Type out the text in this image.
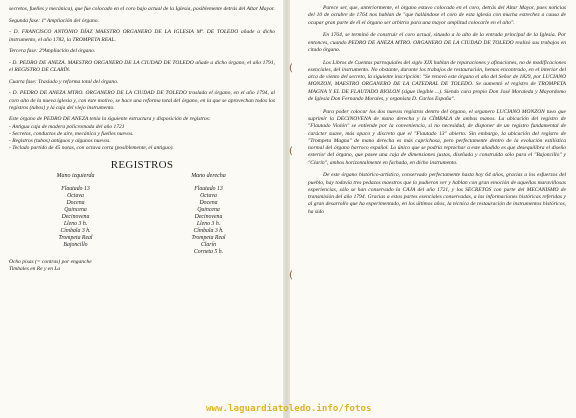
secretos, fuelles y mecánica), que fue colocado en el coro bajo actual de la Iglesia, posiblemente detrás del Altar Mayor.

Segunda fase: 1ª Ampliación del órgano.

- D. FRANCISCO ANTONIO DÍAZ MAESTRO ORGANERO DE LA IGLESIA Mª. DE TOLEDO añade a dicho instrumento, el año 1782, la TROMPETA REAL.

Tercera fase: 2ªAmpliación del órgano.

- D. PEDRO DE ANEZA. MAESTRO ORGANERO DE LA CIUDAD DE TOLEDO añade a dicho órgano, el año 1791, el REGISTRO DE CLARÍN.

Cuarta fase: Traslado y reforma total del órgano.

- D. PEDRO DE ANEZA MTRO. ORGANERO DE LA CIUDAD DE TOLEDO traslada el órgano, en el año 1794, al coro alto de la nueva iglesia y, con este motivo, se hace una reforma total del órgano, en la que se aprovechan todos los registros (tubos) y la caja del viejo instrumento.

Este órgano de PEDRO DE ANEZA tenía la siguiente estructura y disposición de registros:

- Antigua caja de madera policromada del año 1721

- Secretos, conductos de aire, mecánica y fuelles nuevos.

- Registros (tubos) antiguos y algunos nuevos.

- Teclado partido de 45 notas, con octava corta (posiblemente, el antiguo).

REGISTROS
Mano izquierda
Flautado 13
Octava
Docena
Quincena
Decinovena
Lleno 3 h.
Címbala 3 h.
Trompeta Real
Bajoncillo
Mano derecha
Flautado 13
Octava
Docena
Quincena
Decinovena
Lleno 3 h.
Címbala 3 h.
Trompeta Real
Clarín
Corneta 5 h.

Ocho pisas (= contras) por enganche

Timbales en Re y en La

(
(
(

Parece ser, que, anteriormente, el órgano estuvo colocado en el coro, detrás del Altar Mayor, pues noticias del 10 de octubre de 1764 nos hablan de "que hallándose el coro de esta iglesia con mucha estrechez a causa de ocupar gran parte de él el órgano ser arbitrio para una mayor amplitud colocarle en el alto".

En 1764, se terminó de construir el coro actual, situado a lo alto de la entrada principal de la Iglesia. Por entonces, cuando PEDRO DE ANEZA MTRO. ORGANERO DE LA CIUDAD DE TOLEDO realizó sus trabajos en citado órgano.

Los Libros de Cuentas parroquiales del siglo XIX hablan de reparaciones y afinaciones, no de modificaciones esenciales, del instrumento. No obstante, durante los trabajos de restauración, hemos encontrado, en el interior del arca de viento del secreto, la siguiente inscripción: "Se renovó este órgano el año del Señor de 1829, por LUCIANO MONZON, MAESTRO ORGANERO DE LA CATEDRAL DE TOLEDO. Se aumentó el registro de TROMPETA MAGNA Y EL DE FLAUTADO BIOLON (sigue ilegible ...). Siendo cura propio Don José Moraleda y Mayordomo de Iglesia Don Fernando Morales, y organista D. Carlos España".

Para poder colocar los dos nuevos registros dentro del órgano, el organero LUCIANO MONZON tuvo que suprimir la DECINOVENA de mano derecha y la CÍMBALA de ambas manos. La ubicación del registro de "Flautado Violón" se entiende por la conveniencia, si no necesidad, de disponer de un registro fundamental de carácter suave, más opaco y discreto que el "Flautado 13" abierto. Sin embargo, la ubicación del registro de "Trompeta Magna" de mano derecha es más caprichosa, pero perfectamente dentro de la evolución estilística normal del órgano barroco español. Lo único que se podría reprochar a este añadido es que desequilibra el diseño exterior del órgano, que posee una caja de dimensiones justas, diseñada y construida sólo para el "Bajoncillo" y "Clarín", ambos horizontalmente en fachada, en dicho instrumento.

De este órgano histórico-artístico, conservado perfectamente hasta hoy 64 años, gracias a los esfuerzos del pueblo, hay todavía tres pedazos maestros que lo pudieron ver y hablan con gran emoción de aquellas maravillosas experiencias, sólo se han conservado la CAJA del año 1721, y los SECRETOS con parte del MECANISMO de transmisión del año 1794. Gracias a estos partes esenciales conservadas, a las informaciones históricas referidas y al gran desarrollo que ha experimentado, en los últimos años, la técnica de restauración de instrumentos históricos, ha sido

www.laguardiatoledo.info/fotos
